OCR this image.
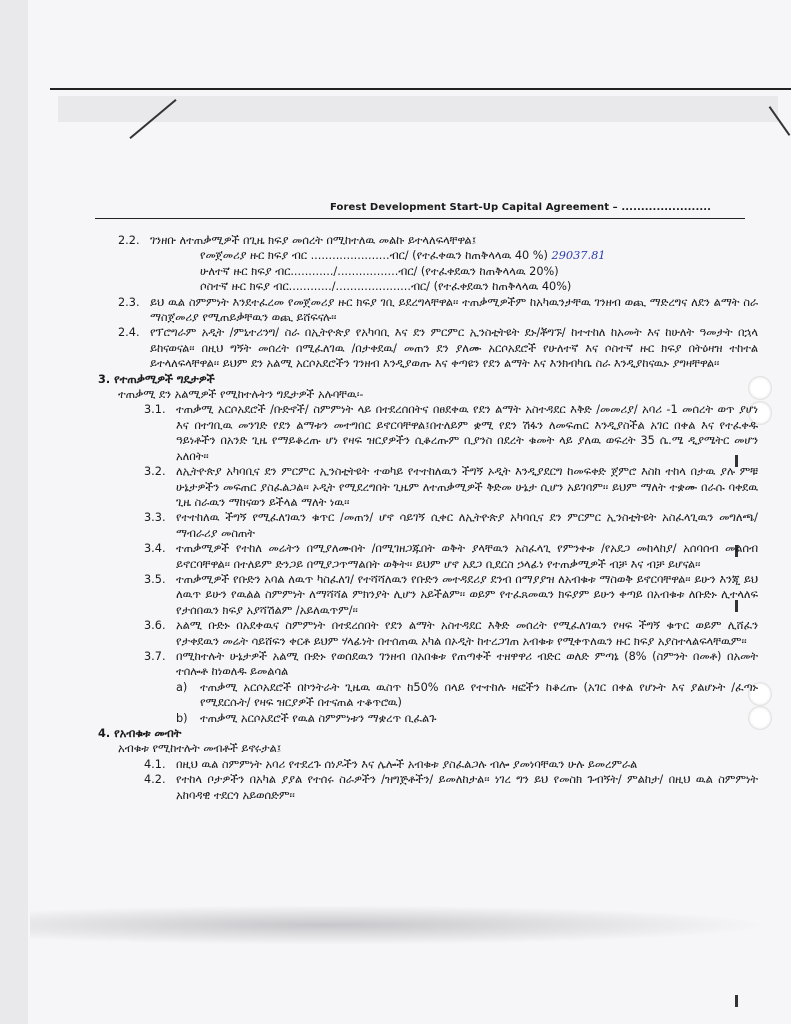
Forest Development Start-Up Capital Agreement – .......................

2.2. ገንዘቡ ለተጠቃሚዎች በጊዜ ክፍያ መሰረት በሚከተለዉ መልኩ ይተላለፍላቸዋል፤

የመጀመሪያ ዙር ክፍያ ብር ......................ብር/ (የተፈቀዉን ከጠቅላላዉ 40 %) 29037.81

ሁለተኛ ዙር ክፍያ ብር............/.................ብር/ (የተፈቀደዉን ከጠቅላላዉ 20%)

ሶስተኛ ዙር ክፍያ ብር............/.....................ብር/ (የተፈቀደዉን ከጠቅላላዉ 40%)

2.3. ይህ ዉል ስምምነት እንደተፈረመ የመጀመሪያ ዙር ክፍያ ገቢ ይደረግላቸዋል፡፡ ተጠቃሚዎችም ከአካዉንታቸዉ ገንዘብ ወጪ ማድረግና ለደን ልማት ስራ ማስጀመሪያ የሚጠይቃቸዉን ወጪ ይሸፍናሉ፡፡

2.4. የፕሮግራም አዲት /ምኒተሪንግ/ ስራ በኢትዮጵያ የአካባቢ እና ደን ምርምር ኢንስቲትዩት ደኑ/ቾግኙ/ ከተተከለ ከአመት እና ከሁለት ዓመታት በኋላ ይከናወናል፡፡ በዚህ ግኝት መሰረት በሚፈለገዉ /በታቀደዉ/ መጠን ደን ያለሙ አርሶአደሮች የሁለተኛ እና ሶስተኛ ዙር ክፍያ በትዕዛዝ ተከተል ይተላለፍላቸዋል፡፡ ይህም ደን አልሚ አርሶአደሮችን ገንዘብ እንዲያወጡ እና ቀጣዩን የደን ልማት እና እንክብካቤ ስራ እንዲያከናዉኑ ያግዛቸዋል፡፡

3. የተጠቃሚዎች ግዴታዎች

ተጠቃሚ ደን አልሚዎች የሚከተሉትን ግዴታዎች አሉባቸዉ፡-

3.1. ተጠቃሚ አርሶአደሮች /ቡድኖች/ ስምምነት ላይ በተደረሰበትና በፀደቀዉ የደን ልማት አስተዳደር እቅድ /መመሪያ/ አባሪ -1 መሰረት ወጥ ያሆነ እና በተገቢዉ መንገድ የደን ልማቱን መተግበር ይኖርባቸዋል፤በተለይም ቋሚ የደን ሽፋን ለመፍጠር እንዲያስችል አገር በቀል እና የተፈቀዱ ዓይነቶችን በአንድ ጊዜ የማይቆረጡ ሆነ የዛፍ ዝርያዎችን ሲቆረጡም ቢያንስ በደረት ቁመት ላይ ያለዉ ወፍረት 35 ሴ.ሜ ዲያሜትር መሆን አለበት፡፡

3.2. ለኢትዮጵያ አካባቢና ደን ምርምር ኢንስቲትዩት ተወካይ የተተከለዉን ችግኝ ኦዲት እንዲያደርግ ከመፍቀድ ጀምሮ እስከ ተከላ በታዉ ያሉ ምቹ ሁኔታዎችን መፍጠር ያስፈልጋል፡፡ ኦዲት የሚደረግበት ጊዜም ለተጠቃሚዎች ቅድመ ሁኔታ ሲሆን አይገባም፡፡ ይህም ማለት ተቋሙ በራሱ ባቀደዉ ጊዜ ስራዉን ማከናወን ይችላል ማለት ነዉ፡፡

3.3. የተተከለዉ ችግኝ የሚፈለገዉን ቁጥር /መጠን/ ሆኖ ሳይገኝ ሲቀር ለኢትዮጵያ አካባቢና ደን ምርምር ኢንስቲትዩት አስፈላጊዉን መግለጫ/ማብራሪያ መስጠት

3.4. ተጠቃሚዎች የተከለ መሬትን በሚያለሙበት /በሚገዘጋጁበት ወቅት ያላቸዉን አስፈላጊ የምንቀቱ /የአደጋ መከላከያ/ አሰባሰብ መልሰብ ይኖርባቸዋል፡፡ በተለይም ድንጋይ በሚያጋጥማልበት ወቅት፡፡ ይህም ሆኖ አደጋ ቢደርስ ኃላፊነ የተጠቃሚዎች ብቻ እና ብቻ ይሆናል፡፡

3.5. ተጠቃሚዎች የቡድን አባል ለዉጥ ካስፈለገ/ የተሻሻለዉን የቡድን መተዳደሪያ ደንብ በማያያዝ ለአብቁቱ ማስወቅ ይኖርባቸዋል፡፡ ይሁን እንጂ ይህ ለዉጥ ይሁን የዉልል ስምምነት ለማሻሻል ምክንያት ሊሆን አይችልም፡፡ ወይም የተፈጸመዉን ክፍያም ይሁን ቀጣይ በአብቁቱ ለቡድኑ ሊተላለፍ የታሰበዉን ክፍያ አያሻሽልም /አይለዉጥም/፡፡

3.6. አልሚ ቡድኑ በአደቀዉና ስምምነት በተደረሰበት የደን ልማት አስተዳደር እቅድ መሰረት የሚፈለገዉን የዛፍ ችግኝ ቁጥር ወይም ሊሸፈን የታቀደዉን መሬት ሳይሸፍን ቀርቶ ይህም ሃላፊነት በተሰጠዉ አካል በኦዲት ከተረጋገጠ አብቁቱ የሚቀጥለዉን ዙር ክፍያ አያስተላልፍላቸዉም፡፡

3.7. በሚከተሉት ሁኔታዎች አልሚ ቡድኑ የወሰደዉን ገንዘብ በአበቁቱ የጠጣቀች ተዘዋዋሪ ብድር ወለድ ምጣኔ (8% (ስምንት በመቶ) በአመት ተሰሎቶ ከነወለዱ ይመልሳል

a)	ተጠቃሚ አርሶአደሮች በኮንትራት ጊዜዉ ዉስጥ ከ50% በላይ የተተከሉ ዛፎችን ከቆረጡ (አገር በቀል የሆኑት እና ያልሆኑት /ፈጣኑ የሚደርሱት/ የዛፍ ዝርያዎች በተናጠል ተቆጥሮዉ)

b)	ተጠቃሚ አርሶአደሮች የዉል ስምምነቱን ማቋረጥ ቢፈልጉ

4. የአብቁቱ መብት

አብቁቱ የሚከተሉት መብቶች ይኖሩታል፤

4.1. በዚህ ዉል ስምምነት አባሪ የተደረጉ ሰነዶችን እና ሌሎች አብቁቱ ያስፈልጋሉ ብሎ ያመነባቸዉን ሁሉ ይመረምራል

4.2. የተከላ ቦታዎችን በአካል ያያል የተሰሩ ስራዎችን /ዝግጅቶችን/ ይመለከታል፡፡ ነገረ ግን ይህ የመስክ ጉብኝት/ ምልከታ/ በዚህ ዉል ስምምነት አከባዳዊ ተደርጎ አይወሰድም፡፡
